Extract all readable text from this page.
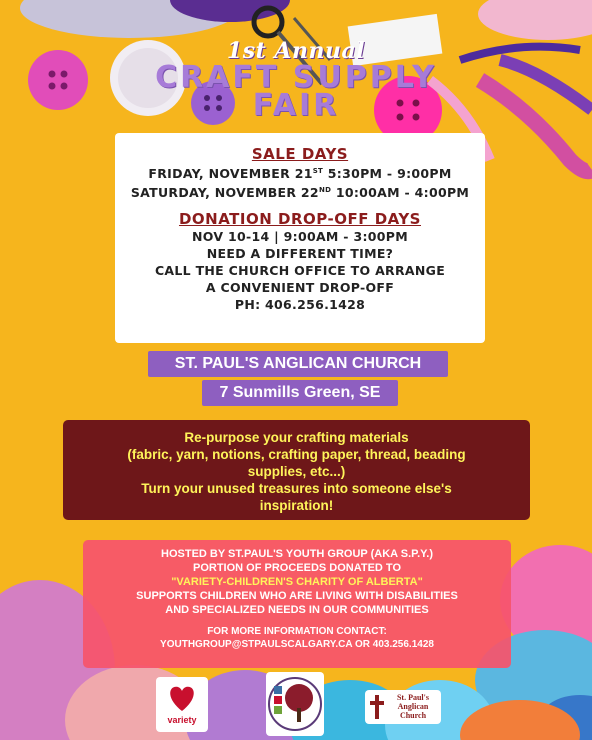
1st Annual
CRAFT SUPPLY
FAIR
SALE DAYS
FRIDAY, NOVEMBER 21ST 5:30PM - 9:00PM
SATURDAY, NOVEMBER 22ND 10:00AM - 4:00PM
DONATION DROP-OFF DAYS
NOV 10-14 | 9:00AM - 3:00PM
NEED A DIFFERENT TIME?
CALL THE CHURCH OFFICE TO ARRANGE
A CONVENIENT DROP-OFF
PH: 406.256.1428
ST. PAUL'S ANGLICAN CHURCH
7 Sunmills Green, SE
Re-purpose your crafting materials
(fabric, yarn, notions, crafting paper, thread, beading
supplies, etc...)
Turn your unused treasures into someone else's
inspiration!
HOSTED BY ST.PAUL'S YOUTH GROUP (AKA S.P.Y.)
PORTION OF PROCEEDS DONATED TO
"VARIETY-CHILDREN'S CHARITY OF ALBERTA"
SUPPORTS CHILDREN WHO ARE LIVING WITH DISABILITIES
AND SPECIALIZED NEEDS IN OUR COMMUNITIES
FOR MORE INFORMATION CONTACT:
YOUTHGROUP@STPAULSCALGARY.CA OR 403.256.1428
variety
St. Paul's Anglican Church
